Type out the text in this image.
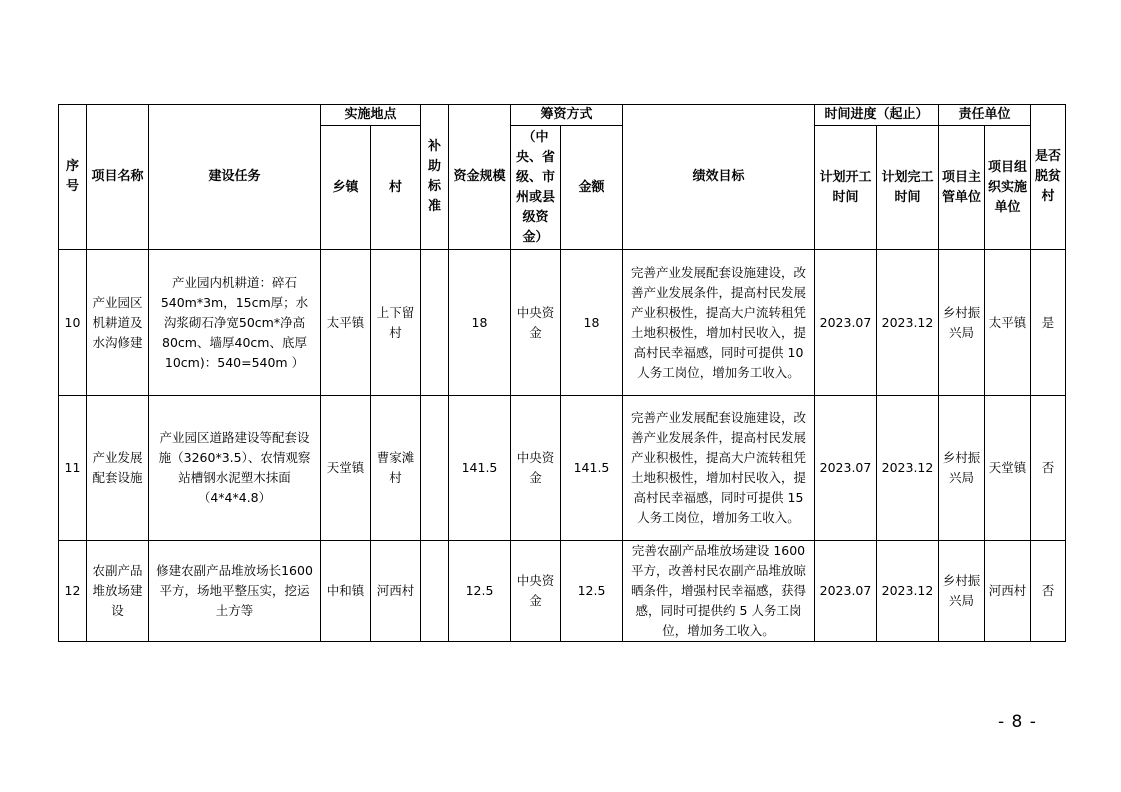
序号	项目名称	建设任务	实施地点		补助标准	资金规模	筹资方式		绩效目标	时间进度（起止）		责任单位		是否脱贫村
			乡镇	村			（中央、省级、市州或县级资金）	金额		计划开工时间	计划完工时间	项目主管单位	项目组织实施单位	
10	产业园区机耕道及水沟修建	产业园内机耕道：碎石540m*3m，15cm厚；水沟浆砌石净宽50cm*净高80cm、墙厚40cm、底厚10cm)：540=540m ）	太平镇	上下留村		18	中央资金	18	完善产业发展配套设施建设，改善产业发展条件，提高村民发展产业积极性，提高大户流转租凭土地积极性，增加村民收入，提高村民幸福感，同时可提供 10人务工岗位，增加务工收入。	2023.07	2023.12	乡村振兴局	太平镇	是
11	产业发展配套设施	产业园区道路建设等配套设施（3260*3.5）、农情观察站槽钢水泥塑木抹面（4*4*4.8）	天堂镇	曹家滩村		141.5	中央资金	141.5	完善产业发展配套设施建设，改善产业发展条件，提高村民发展产业积极性，提高大户流转租凭土地积极性，增加村民收入，提高村民幸福感，同时可提供 15人务工岗位，增加务工收入。	2023.07	2023.12	乡村振兴局	天堂镇	否
12	农副产品堆放场建设	修建农副产品堆放场长1600平方，场地平整压实，挖运土方等	中和镇	河西村		12.5	中央资金	12.5	完善农副产品堆放场建设 1600平方，改善村民农副产品堆放晾晒条件，增强村民幸福感，获得感，同时可提供约 5 人务工岗位，增加务工收入。	2023.07	2023.12	乡村振兴局	河西村	否
- 8 -
